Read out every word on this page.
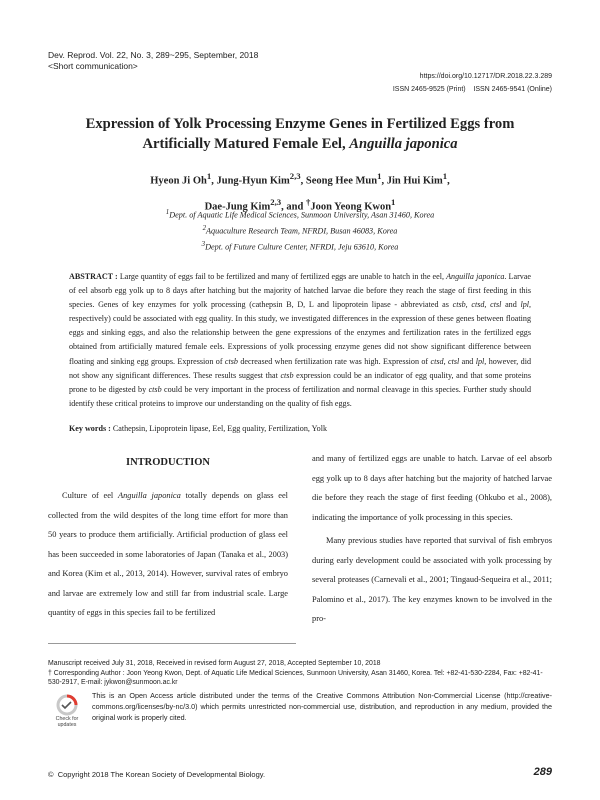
Dev. Reprod. Vol. 22, No. 3, 289~295, September, 2018
<Short communication>
https://doi.org/10.12717/DR.2018.22.3.289
ISSN 2465-9525 (Print)    ISSN 2465-9541 (Online)
Expression of Yolk Processing Enzyme Genes in Fertilized Eggs from
Artificially Matured Female Eel, Anguilla japonica
Hyeon Ji Oh$^1$, Jung-Hyun Kim$^{2,3}$, Seong Hee Mun$^1$, Jin Hui Kim$^1$,
Dae-Jung Kim$^{2,3}$, and †Joon Yeong Kwon$^1$
$^1$Dept. of Aquatic Life Medical Sciences, Sunmoon University, Asan 31460, Korea
$^2$Aquaculture Research Team, NFRDI, Busan 46083, Korea
$^3$Dept. of Future Culture Center, NFRDI, Jeju 63610, Korea
ABSTRACT : Large quantity of eggs fail to be fertilized and many of fertilized eggs are unable to hatch in the eel, Anguilla japonica. Larvae of eel absorb egg yolk up to 8 days after hatching but the majority of hatched larvae die before they reach the stage of first feeding in this species. Genes of key enzymes for yolk processing (cathepsin B, D, L and lipoprotein lipase - abbreviated as ctsb, ctsd, ctsl and lpl, respectively) could be associated with egg quality. In this study, we investigated differences in the expression of these genes between floating eggs and sinking eggs, and also the relationship between the gene expressions of the enzymes and fertilization rates in the fertilized eggs obtained from artificially matured female eels. Expressions of yolk processing enzyme genes did not show significant difference between floating and sinking egg groups. Expression of ctsb decreased when fertilization rate was high. Expression of ctsd, ctsl and lpl, however, did not show any significant differences. These results suggest that ctsb expression could be an indicator of egg quality, and that some proteins prone to be digested by ctsb could be very important in the process of fertilization and normal cleavage in this species. Further study should identify these critical proteins to improve our understanding on the quality of fish eggs.
Key words : Cathepsin, Lipoprotein lipase, Eel, Egg quality, Fertilization, Yolk
INTRODUCTION

Culture of eel Anguilla japonica totally depends on glass eel collected from the wild despites of the long time effort for more than 50 years to produce them artificially. Artificial production of glass eel has been succeeded in some laboratories of Japan (Tanaka et al., 2003) and Korea (Kim et al., 2013, 2014). However, survival rates of embryo and larvae are extremely low and still far from industrial scale. Large quantity of eggs in this species fail to be fertilized

and many of fertilized eggs are unable to hatch. Larvae of eel absorb egg yolk up to 8 days after hatching but the majority of hatched larvae die before they reach the stage of first feeding (Ohkubo et al., 2008), indicating the importance of yolk processing in this species.

Many previous studies have reported that survival of fish embryos during early development could be associated with yolk processing by several proteases (Carnevali et al., 2001; Tingaud-Sequeira et al., 2011; Palomino et al., 2017). The key enzymes known to be involved in the pro-

Manuscript received July 31, 2018, Received in revised form August 27, 2018, Accepted September 10, 2018
† Corresponding Author : Joon Yeong Kwon, Dept. of Aquatic Life Medical Sciences, Sunmoon University, Asan 31460, Korea. Tel: +82-41-530-2284, Fax: +82-41-530-2917, E-mail: jykwon@sunmoon.ac.kr
Check for
updates
This is an Open Access article distributed under the terms of the Creative Commons Attribution Non-Commercial License (http://creative-commons.org/licenses/by-nc/3.0) which permits unrestricted non-commercial use, distribution, and reproduction in any medium, provided the original work is properly cited.
©  Copyright 2018 The Korean Society of Developmental Biology.	289
